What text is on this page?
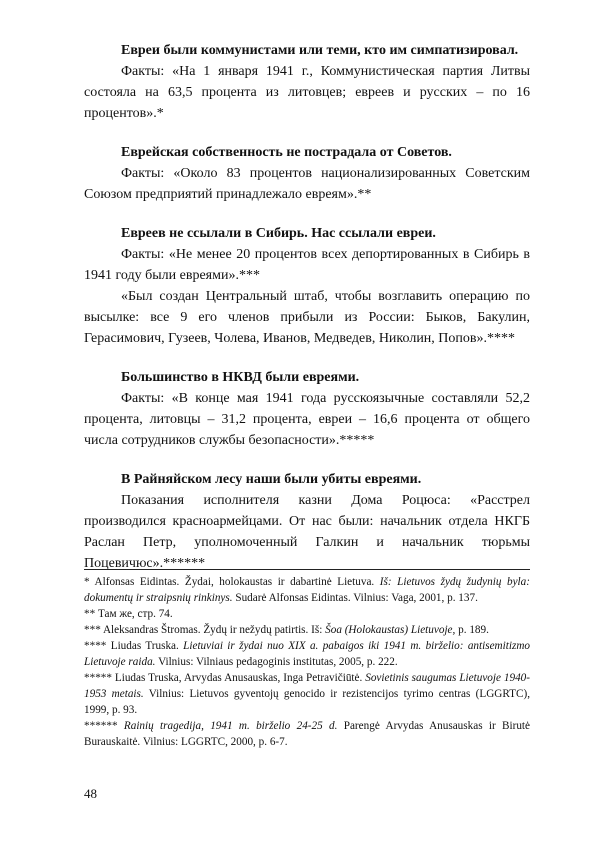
Евреи были коммунистами или теми, кто им симпатизировал.

Факты: «На 1 января 1941 г., Коммунистическая партия Литвы состояла на 63,5 процента из литовцев; евреев и русских – по 16 процентов».*

Еврейская собственность не пострадала от Советов.

Факты: «Около 83 процентов национализированных Советским Союзом предприятий принадлежало евреям».**

Евреев не ссылали в Сибирь. Нас ссылали евреи.

Факты: «Не менее 20 процентов всех депортированных в Сибирь в 1941 году были евреями».***

«Был создан Центральный штаб, чтобы возглавить операцию по высылке: все 9 его членов прибыли из России: Быков, Бакулин, Герасимович, Гузеев, Чолева, Иванов, Медведев, Николин, Попов».****

Большинство в НКВД были евреями.

Факты: «В конце мая 1941 года русскоязычные составляли 52,2 процента, литовцы – 31,2 процента, евреи – 16,6 процента от общего числа сотрудников службы безопасности».*****

В Райняйском лесу наши были убиты евреями.

Показания исполнителя казни Дома Роцюса: «Расстрел производился красноармейцами. От нас были: начальник отдела НКГБ Раслан Петр, уполномоченный Галкин и начальник тюрьмы Поцевичюс».******

* Alfonsas Eidintas. Žydai, holokaustas ir dabartinė Lietuva. Iš: Lietuvos žydų žudynių byla: dokumentų ir straipsnių rinkinys. Sudarė Alfonsas Eidintas. Vilnius: Vaga, 2001, p. 137.

** Там же, стр. 74.

*** Aleksandras Štromas. Žydų ir nežydų patirtis. Iš: Šoa (Holokaustas) Lietuvoje, p. 189.

**** Liudas Truska. Lietuviai ir žydai nuo XIX a. pabaigos iki 1941 m. birželio: antisemitizmo Lietuvoje raida. Vilnius: Vilniaus pedagoginis institutas, 2005, p. 222.

***** Liudas Truska, Arvydas Anusauskas, Inga Petravičiūtė. Sovietinis saugumas Lietuvoje 1940-1953 metais. Vilnius: Lietuvos gyventojų genocido ir rezistencijos tyrimo centras (LGGRTC), 1999, p. 93.

****** Rainių tragedija, 1941 m. birželio 24-25 d. Parengė Arvydas Anusauskas ir Birutė Burauskaitė. Vilnius: LGGRTC, 2000, p. 6-7.

48
